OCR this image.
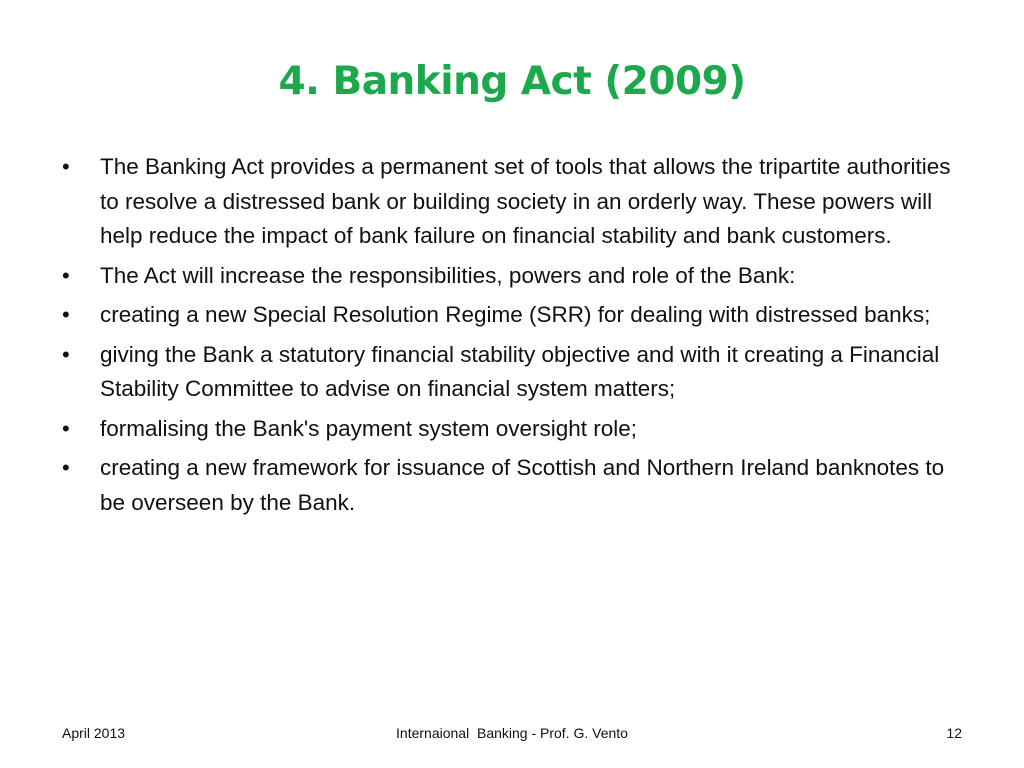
4. Banking Act (2009)
• The Banking Act provides a permanent set of tools that allows the tripartite authorities to resolve a distressed bank or building society in an orderly way. These powers will help reduce the impact of bank failure on financial stability and bank customers.
• The Act will increase the responsibilities, powers and role of the Bank:
• creating a new Special Resolution Regime (SRR) for dealing with distressed banks;
• giving the Bank a statutory financial stability objective and with it creating a Financial Stability Committee to advise on financial system matters;
• formalising the Bank's payment system oversight role;
• creating a new framework for issuance of Scottish and Northern Ireland banknotes to be overseen by the Bank.
April 2013	Internaional  Banking - Prof. G. Vento	12
